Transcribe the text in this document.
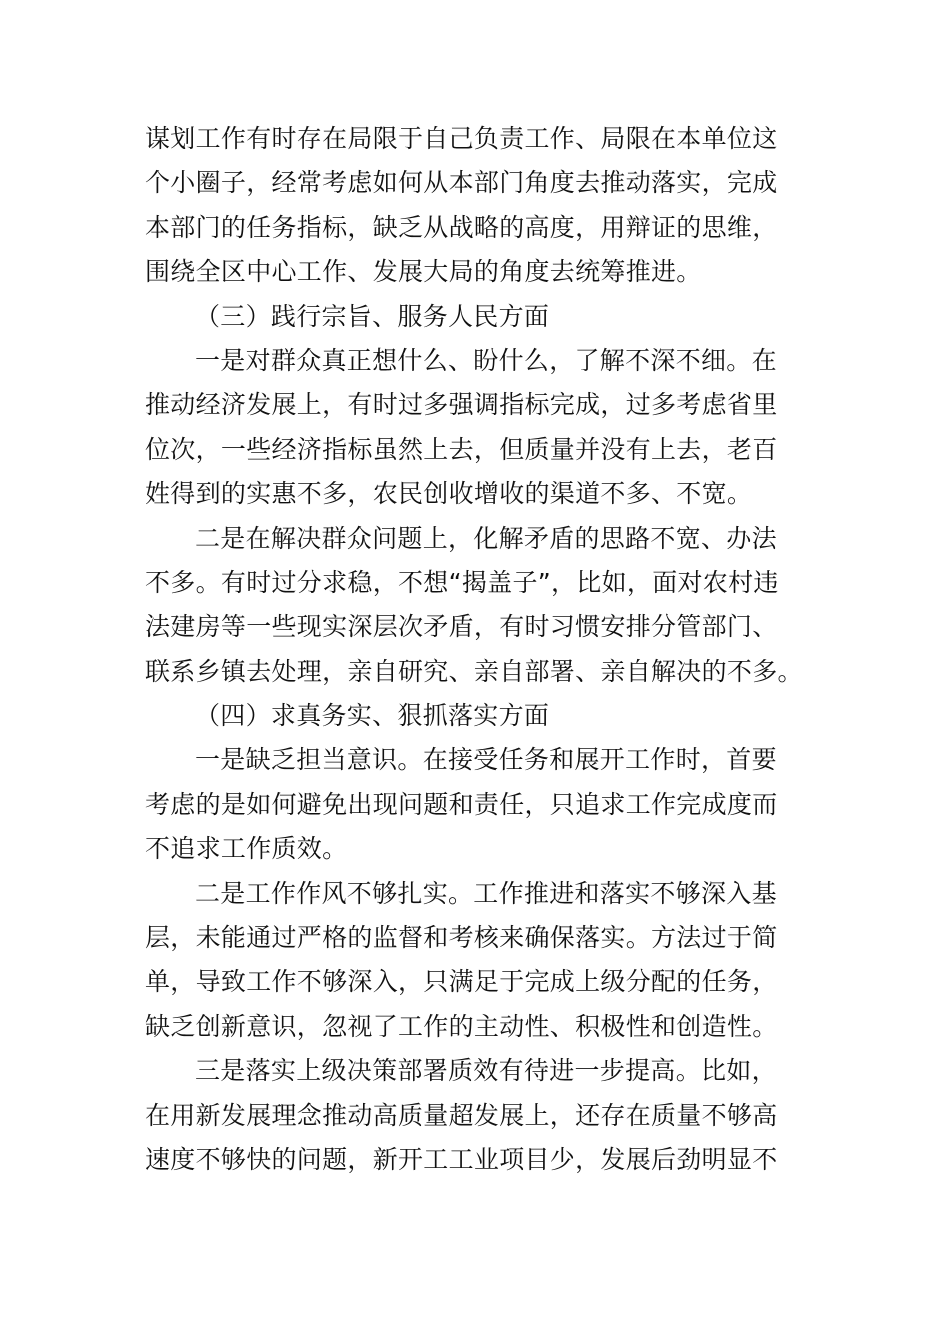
谋划工作有时存在局限于自己负责工作、局限在本单位这
个小圈子，经常考虑如何从本部门角度去推动落实，完成
本部门的任务指标，缺乏从战略的高度，用辩证的思维，
围绕全区中心工作、发展大局的角度去统筹推进。
（三）践行宗旨、服务人民方面
一是对群众真正想什么、盼什么，了解不深不细。在
推动经济发展上，有时过多强调指标完成，过多考虑省里
位次，一些经济指标虽然上去，但质量并没有上去，老百
姓得到的实惠不多，农民创收增收的渠道不多、不宽。
二是在解决群众问题上，化解矛盾的思路不宽、办法
不多。有时过分求稳，不想“揭盖子”，比如，面对农村违
法建房等一些现实深层次矛盾，有时习惯安排分管部门、
联系乡镇去处理，亲自研究、亲自部署、亲自解决的不多。
（四）求真务实、狠抓落实方面
一是缺乏担当意识。在接受任务和展开工作时，首要
考虑的是如何避免出现问题和责任，只追求工作完成度而
不追求工作质效。
二是工作作风不够扎实。工作推进和落实不够深入基
层，未能通过严格的监督和考核来确保落实。方法过于简
单，导致工作不够深入，只满足于完成上级分配的任务，
缺乏创新意识，忽视了工作的主动性、积极性和创造性。
三是落实上级决策部署质效有待进一步提高。比如，
在用新发展理念推动高质量超发展上，还存在质量不够高
速度不够快的问题，新开工工业项目少，发展后劲明显不
